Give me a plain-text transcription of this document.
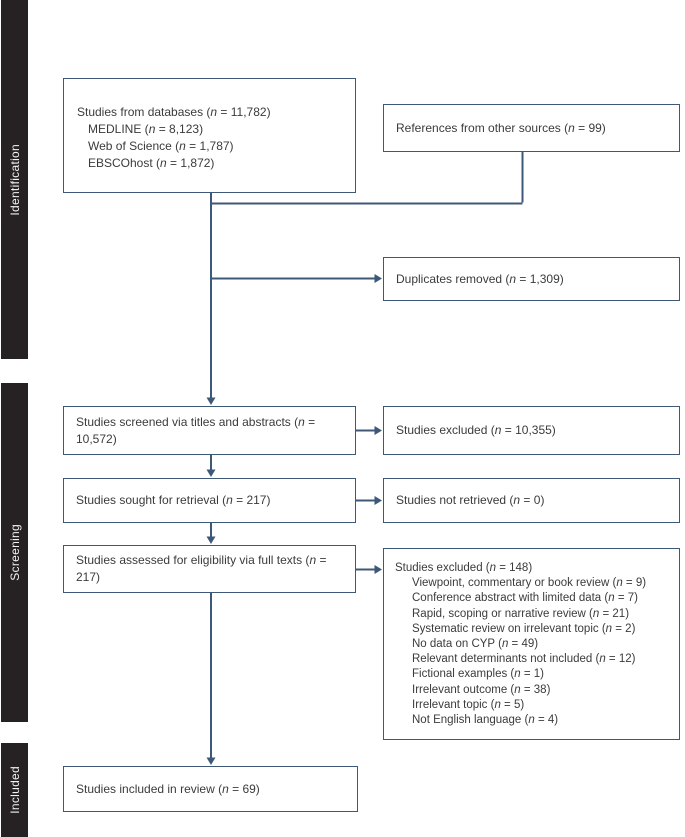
Identification
Screening
Included
Studies from databases (n = 11,782)
MEDLINE (n = 8,123)
Web of Science (n = 1,787)
EBSCOhost (n = 1,872)
References from other sources (n = 99)
Duplicates removed (n = 1,309)
Studies screened via titles and abstracts (n = 10,572)
Studies excluded (n = 10,355)
Studies sought for retrieval (n = 217)	Studies not retrieved (n = 0)
Studies assessed for eligibility via full texts (n = 217)
Studies excluded (n = 148)
Viewpoint, commentary or book review (n = 9)
Conference abstract with limited data (n = 7)
Rapid, scoping or narrative review (n = 21)
Systematic review on irrelevant topic (n = 2)
No data on CYP (n = 49)
Relevant determinants not included (n = 12)
Fictional examples (n = 1)
Irrelevant outcome (n = 38)
Irrelevant topic (n = 5)
Not English language (n = 4)
Studies included in review (n = 69)
